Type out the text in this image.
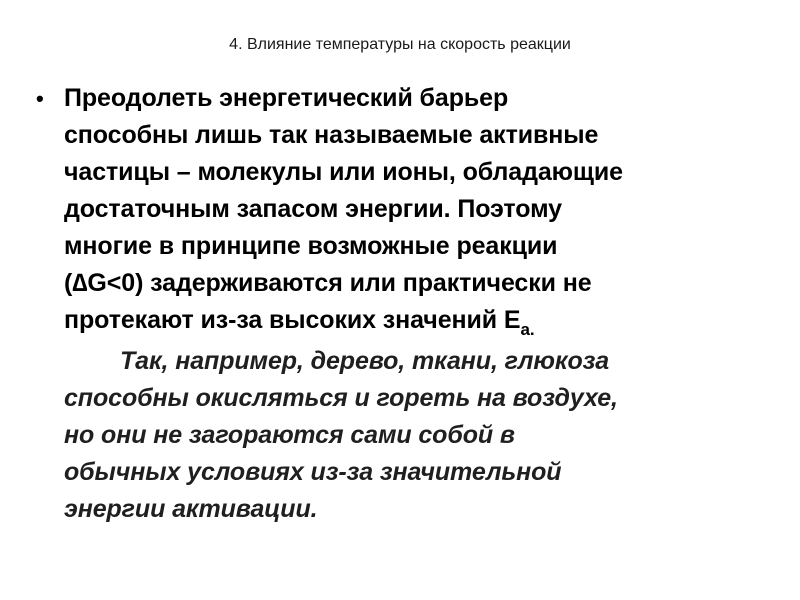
4. Влияние температуры на скорость реакции
• Преодолеть энергетический барьер
способны лишь так называемые активные
частицы – молекулы или ионы, обладающие
достаточным запасом энергии. Поэтому
многие в принципе возможные реакции
(∆G<0) задерживаются или практически не
протекают из-за высоких значений $E_{a.}$
Так, например, дерево, ткани, глюкоза
способны окисляться и гореть на воздухе,
но они не загораются сами собой в
обычных условиях из-за значительной
энергии активации.
